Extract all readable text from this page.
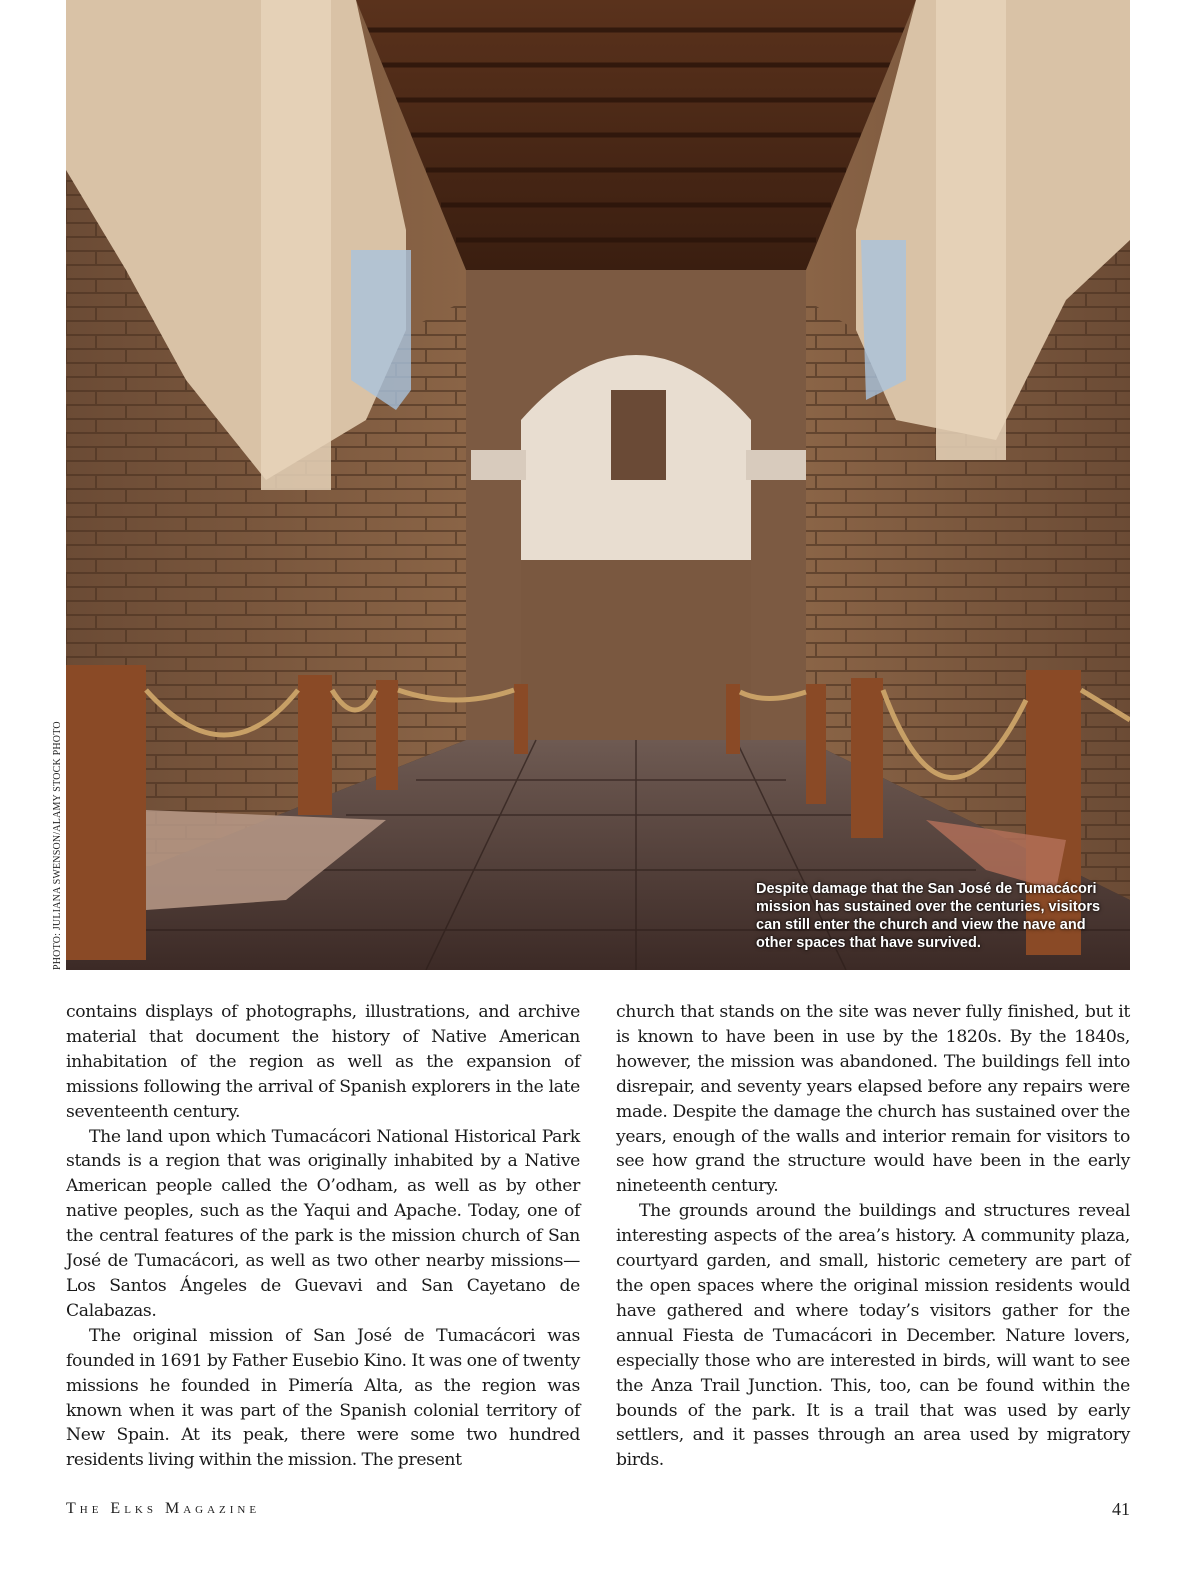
PHOTO: JULIANA SWENSON/ALAMY STOCK PHOTO	Despite damage that the San José de Tumacácori mission has sustained over the centuries, visitors can still enter the church and view the nave and other spaces that have survived.

contains displays of photographs, illustrations, and archive material that document the history of Native American inhabitation of the region as well as the expansion of missions following the arrival of Spanish explorers in the late seventeenth century.

The land upon which Tumacácori National Historical Park stands is a region that was originally inhabited by a Native American people called the O’odham, as well as by other native peoples, such as the Yaqui and Apache. Today, one of the central features of the park is the mission church of San José de Tumacácori, as well as two other nearby missions—Los Santos Ángeles de Guevavi and San Cayetano de Calabazas.

The original mission of San José de Tumacácori was founded in 1691 by Father Eusebio Kino. It was one of twenty missions he founded in Pimería Alta, as the region was known when it was part of the Spanish colonial territory of New Spain. At its peak, there were some two hundred residents living within the mission. The present

church that stands on the site was never fully finished, but it is known to have been in use by the 1820s. By the 1840s, however, the mission was abandoned. The buildings fell into disrepair, and seventy years elapsed before any repairs were made. Despite the damage the church has sustained over the years, enough of the walls and interior remain for visitors to see how grand the structure would have been in the early nineteenth century.

The grounds around the buildings and structures reveal interesting aspects of the area’s history. A community plaza, courtyard garden, and small, historic cemetery are part of the open spaces where the original mission residents would have gathered and where today’s visitors gather for the annual Fiesta de Tumacácori in December. Nature lovers, especially those who are interested in birds, will want to see the Anza Trail Junction. This, too, can be found within the bounds of the park. It is a trail that was used by early settlers, and it passes through an area used by migratory birds.

The Elks Magazine	41
